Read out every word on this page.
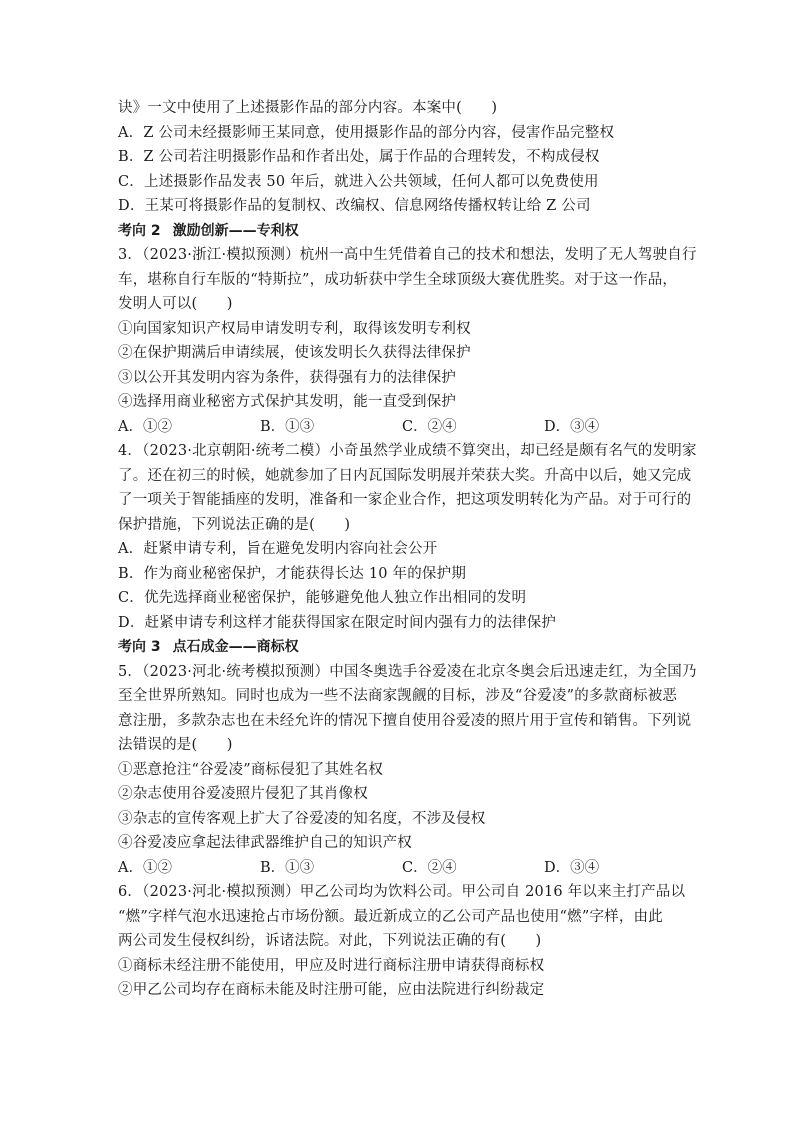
诀》一文中使用了上述摄影作品的部分内容。本案中(　　)
A．Z 公司未经摄影师王某同意，使用摄影作品的部分内容，侵害作品完整权
B．Z 公司若注明摄影作品和作者出处，属于作品的合理转发，不构成侵权
C．上述摄影作品发表 50 年后，就进入公共领域，任何人都可以免费使用
D．王某可将摄影作品的复制权、改编权、信息网络传播权转让给 Z 公司
考向 2 激励创新——专利权
3．（2023·浙江·模拟预测）杭州一高中生凭借着自己的技术和想法，发明了无人驾驶自行
车，堪称自行车版的“特斯拉”，成功斩获中学生全球顶级大赛优胜奖。对于这一作品，
发明人可以(　　)
①向国家知识产权局申请发明专利，取得该发明专利权
②在保护期满后申请续展，使该发明长久获得法律保护
③以公开其发明内容为条件，获得强有力的法律保护
④选择用商业秘密方式保护其发明，能一直受到保护
A．①②	B．①③	C．②④	D．③④
4．（2023·北京朝阳·统考二模）小奇虽然学业成绩不算突出，却已经是颇有名气的发明家
了。还在初三的时候，她就参加了日内瓦国际发明展并荣获大奖。升高中以后，她又完成
了一项关于智能插座的发明，准备和一家企业合作，把这项发明转化为产品。对于可行的
保护措施，下列说法正确的是(　　)
A．赶紧申请专利，旨在避免发明内容向社会公开
B．作为商业秘密保护，才能获得长达 10 年的保护期
C．优先选择商业秘密保护，能够避免他人独立作出相同的发明
D．赶紧申请专利这样才能获得国家在限定时间内强有力的法律保护
考向 3 点石成金——商标权
5．（2023·河北·统考模拟预测）中国冬奥选手谷爱凌在北京冬奥会后迅速走红，为全国乃
至全世界所熟知。同时也成为一些不法商家觊觎的目标，涉及“谷爱凌”的多款商标被恶
意注册，多款杂志也在未经允许的情况下擅自使用谷爱凌的照片用于宣传和销售。下列说
法错误的是(　　)
①恶意抢注“谷爱凌”商标侵犯了其姓名权
②杂志使用谷爱凌照片侵犯了其肖像权
③杂志的宣传客观上扩大了谷爱凌的知名度，不涉及侵权
④谷爱凌应拿起法律武器维护自己的知识产权
A．①②	B．①③	C．②④	D．③④
6．（2023·河北·模拟预测）甲乙公司均为饮料公司。甲公司自 2016 年以来主打产品以
“燃”字样气泡水迅速抢占市场份额。最近新成立的乙公司产品也使用“燃”字样，由此
两公司发生侵权纠纷，诉诸法院。对此，下列说法正确的有(　　)
①商标未经注册不能使用，甲应及时进行商标注册申请获得商标权
②甲乙公司均存在商标未能及时注册可能，应由法院进行纠纷裁定
